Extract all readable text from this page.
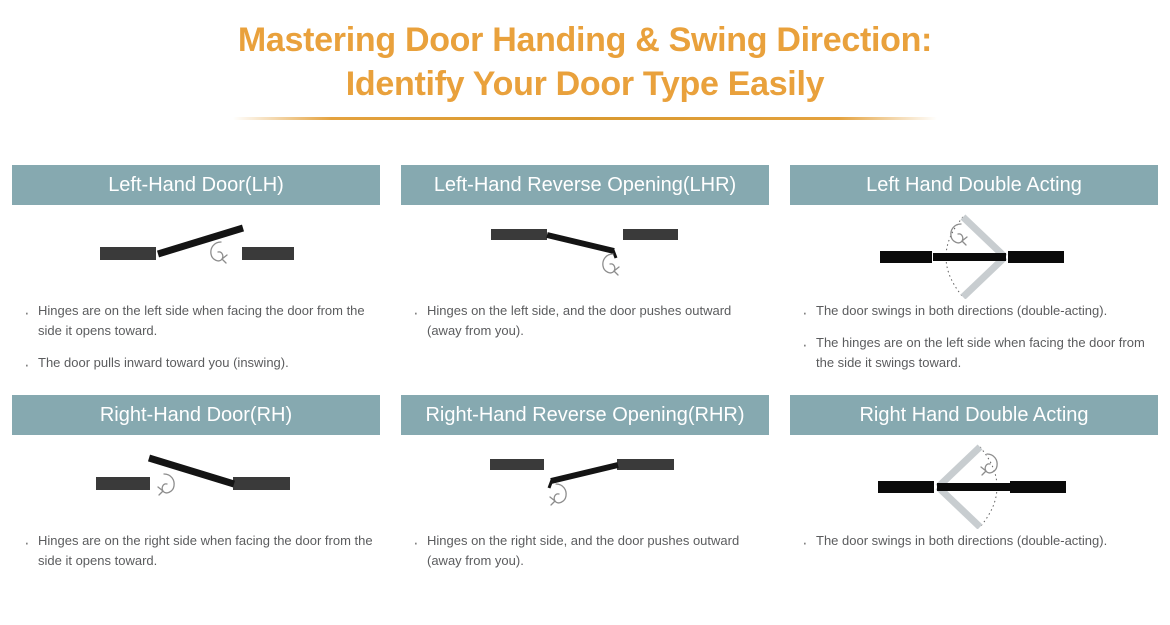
Mastering Door Handing & Swing Direction:
Identify Your Door Type Easily
Left-Hand Door(LH)
· Hinges are on the left side when facing the door from the side it opens toward.
· The door pulls inward toward you (inswing).
Left-Hand Reverse Opening(LHR)
· Hinges on the left side, and the door pushes outward (away from you).
Left Hand Double Acting
· The door swings in both directions (double-acting).
· The hinges are on the left side when facing the door from the side it swings toward.
Right-Hand Door(RH)
· Hinges are on the right side when facing the door from the side it opens toward.
Right-Hand Reverse Opening(RHR)
· Hinges on the right side, and the door pushes outward (away from you).
Right Hand Double Acting
· The door swings in both directions (double-acting).
